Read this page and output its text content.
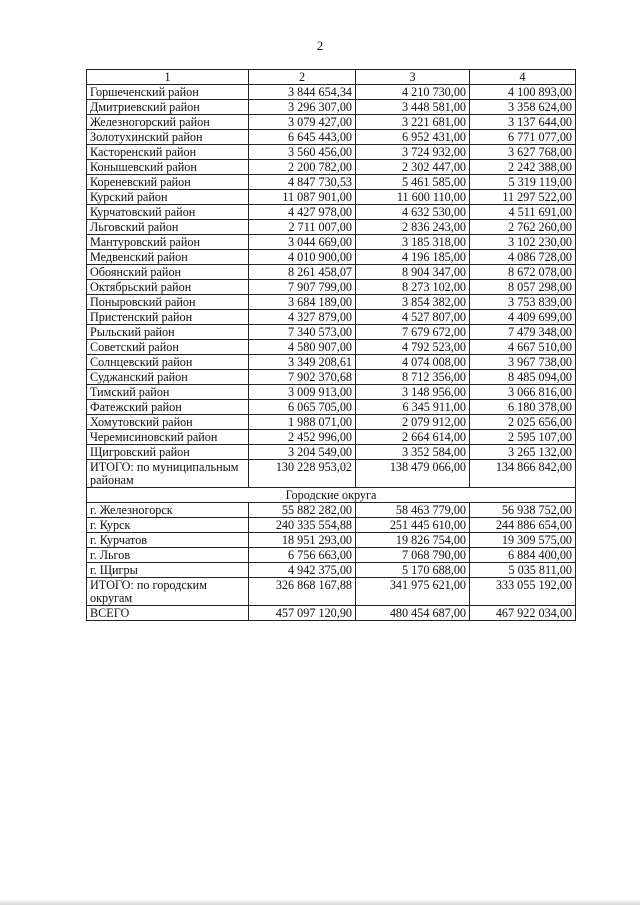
2
1	2	3	4
Горшеченский район	3 844 654,34	4 210 730,00	4 100 893,00
Дмитриевский район	3 296 307,00	3 448 581,00	3 358 624,00
Железногорский район	3 079 427,00	3 221 681,00	3 137 644,00
Золотухинский район	6 645 443,00	6 952 431,00	6 771 077,00
Касторенский район	3 560 456,00	3 724 932,00	3 627 768,00
Конышевский район	2 200 782,00	2 302 447,00	2 242 388,00
Кореневский район	4 847 730,53	5 461 585,00	5 319 119,00
Курский район	11 087 901,00	11 600 110,00	11 297 522,00
Курчатовский район	4 427 978,00	4 632 530,00	4 511 691,00
Льговский район	2 711 007,00	2 836 243,00	2 762 260,00
Мантуровский район	3 044 669,00	3 185 318,00	3 102 230,00
Медвенский район	4 010 900,00	4 196 185,00	4 086 728,00
Обоянский район	8 261 458,07	8 904 347,00	8 672 078,00
Октябрьский район	7 907 799,00	8 273 102,00	8 057 298,00
Поныровский район	3 684 189,00	3 854 382,00	3 753 839,00
Пристенский район	4 327 879,00	4 527 807,00	4 409 699,00
Рыльский район	7 340 573,00	7 679 672,00	7 479 348,00
Советский район	4 580 907,00	4 792 523,00	4 667 510,00
Солнцевский район	3 349 208,61	4 074 008,00	3 967 738,00
Суджанский район	7 902 370,68	8 712 356,00	8 485 094,00
Тимский район	3 009 913,00	3 148 956,00	3 066 816,00
Фатежский район	6 065 705,00	6 345 911,00	6 180 378,00
Хомутовский район	1 988 071,00	2 079 912,00	2 025 656,00
Черемисиновский район	2 452 996,00	2 664 614,00	2 595 107,00
Щигровский район	3 204 549,00	3 352 584,00	3 265 132,00
ИТОГО: по муниципальным районам	130 228 953,02	138 479 066,00	134 866 842,00
Городские округа			
г. Железногорск	55 882 282,00	58 463 779,00	56 938 752,00
г. Курск	240 335 554,88	251 445 610,00	244 886 654,00
г. Курчатов	18 951 293,00	19 826 754,00	19 309 575,00
г. Льгов	6 756 663,00	7 068 790,00	6 884 400,00
г. Щигры	4 942 375,00	5 170 688,00	5 035 811,00
ИТОГО: по городским округам	326 868 167,88	341 975 621,00	333 055 192,00
ВСЕГО	457 097 120,90	480 454 687,00	467 922 034,00
